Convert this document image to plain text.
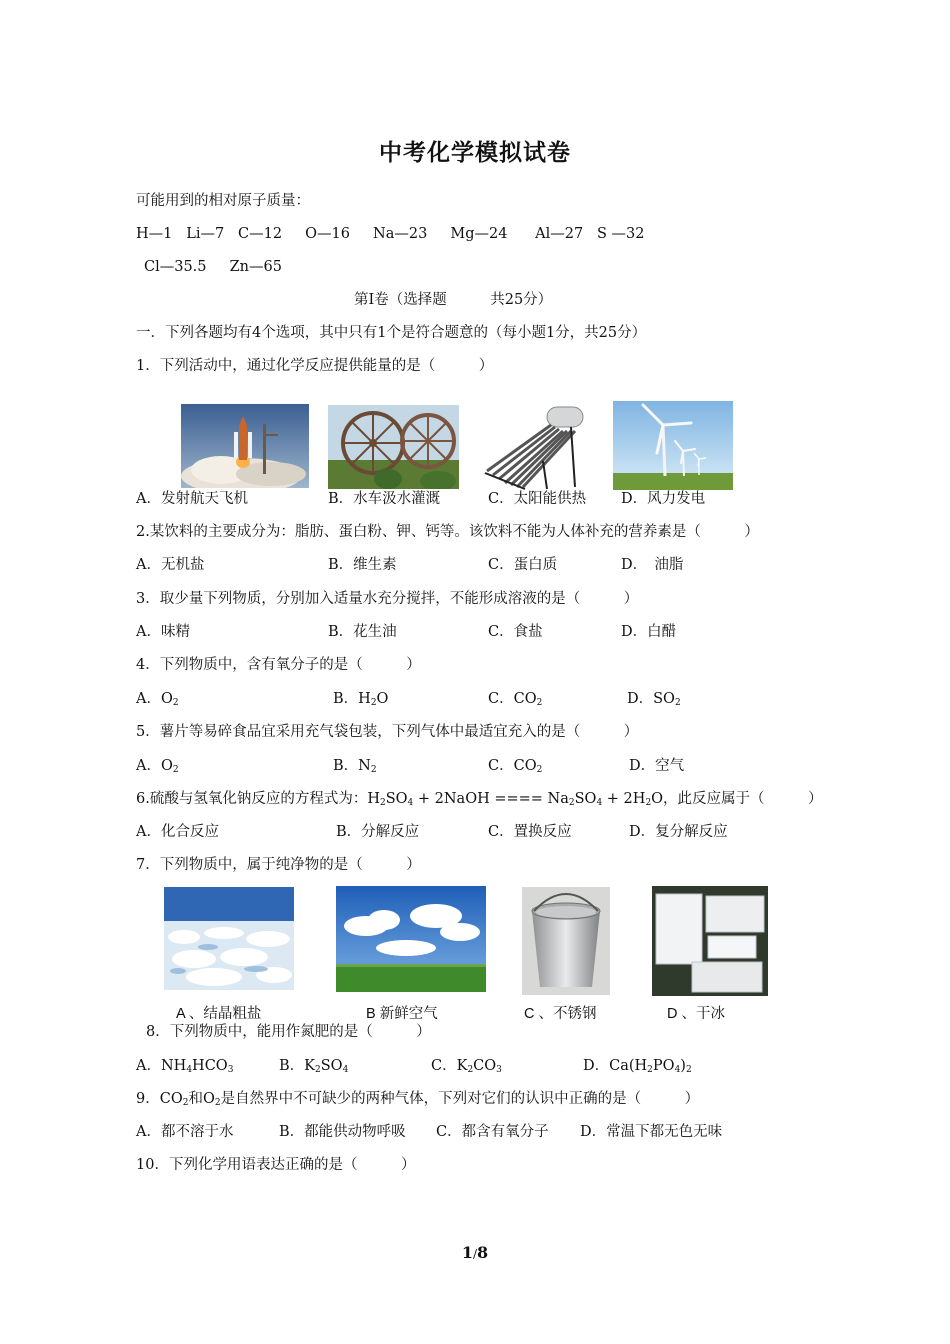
中考化学模拟试卷
可能用到的相对原子质量：
H—1 Li—7 C—12 O—16 Na—23 Mg—24 Al—27 S —32
Cl—35.5 Zn—65
第Ⅰ卷（选择题　　　共25分）
一．下列各题均有4个选项，其中只有1个是符合题意的（每小题1分，共25分）
1．下列活动中，通过化学反应提供能量的是（　　　）
A．发射航天飞机	B．水车汲水灌溉	C．太阳能供热 D．风力发电
2.某饮料的主要成分为：脂肪、蛋白粉、钾、钙等。该饮料不能为人体补充的营养素是（　　　）
A．无机盐	B．维生素	C．蛋白质	D．　油脂
3．取少量下列物质，分别加入适量水充分搅拌，不能形成溶液的是（　　　）
A．味精	B．花生油	C．食盐	D．白醋
4．下列物质中，含有氧分子的是（　　　）
A．$O_2$	B．$H_2O$	C．$CO_2$	D．$SO_2$
5．薯片等易碎食品宜采用充气袋包装，下列气体中最适宜充入的是（　　　）
A．$O_2$	B．$N_2$	C．$CO_2$	D．空气
6.硫酸与氢氧化钠反应的方程式为：$H_2SO_4$ + 2NaOH ==== $Na_2SO_4 + 2H_2O$，此反应属于（　　　）
A．化合反应	B．分解反应	C．置换反应	D．复分解反应
7．下列物质中，属于纯净物的是（　　　）
A 、结晶粗盐	B 新鲜空气	C 、不锈钢	D 、干冰
8．下列物质中，能用作氮肥的是（　　　）
A．$NH_4HCO_3$	B．$K_2SO_4$	C．$K_2CO_3$	D．$Ca(H_2PO_4)_2$
9．$CO_2$和$O_2$是自然界中不可缺少的两种气体，下列对它们的认识中正确的是（　　　）
A．都不溶于水	B．都能供动物呼吸 C．都含有氧分子 D．常温下都无色无味
10．下列化学用语表达正确的是（　　　）
1/8
